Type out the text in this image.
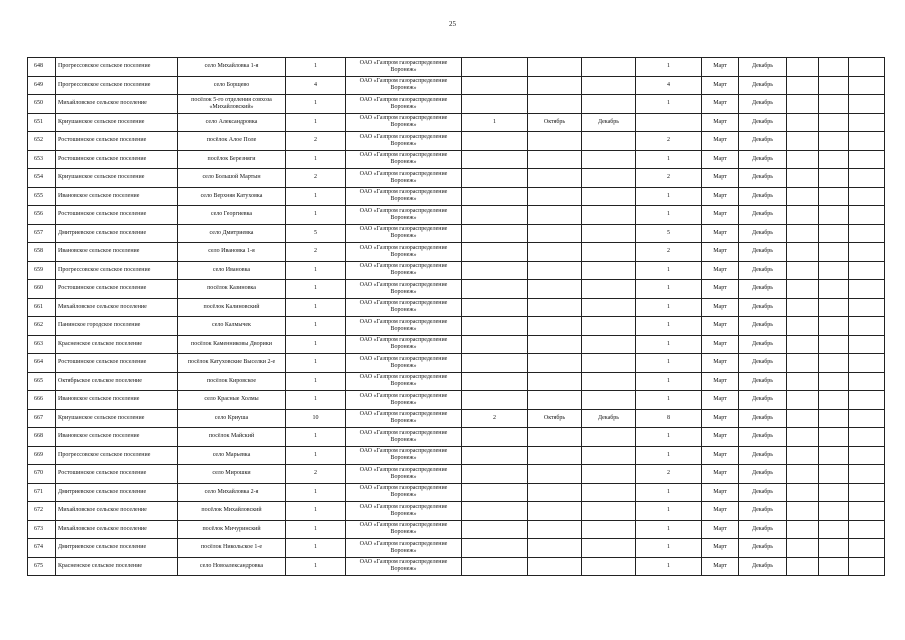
25
648	Прогрессовское сельское поселение	село Михайловка 1-я	1	ОАО «Газпром газораспределение Воронеж»				1	Март	Декабрь			
649	Прогрессовское сельское поселение	село Борщево	4	ОАО «Газпром газораспределение Воронеж»				4	Март	Декабрь			
650	Михайловское сельское поселение	посёлок 5-го отделения совхоза «Михайловский»	1	ОАО «Газпром газораспределение Воронеж»				1	Март	Декабрь			
651	Криушанское сельское поселение	село Александровка	1	ОАО «Газпром газораспределение Воронеж»	1	Октябрь	Декабрь		Март	Декабрь			
652	Ростошинское сельское поселение	посёлок Алое Поле	2	ОАО «Газпром газораспределение Воронеж»				2	Март	Декабрь			
653	Ростошинское сельское поселение	посёлок Березняги	1	ОАО «Газпром газораспределение Воронеж»				1	Март	Декабрь			
654	Криушанское сельское поселение	село Большой Мартын	2	ОАО «Газпром газораспределение Воронеж»				2	Март	Декабрь			
655	Ивановское сельское поселение	село Верхняя Катуховка	1	ОАО «Газпром газораспределение Воронеж»				1	Март	Декабрь			
656	Ростошинское сельское поселение	село Георгиевка	1	ОАО «Газпром газораспределение Воронеж»				1	Март	Декабрь			
657	Дмитриевское сельское поселение	село Дмитриевка	5	ОАО «Газпром газораспределение Воронеж»				5	Март	Декабрь			
658	Ивановское сельское поселение	село Ивановка 1-я	2	ОАО «Газпром газораспределение Воронеж»				2	Март	Декабрь			
659	Прогрессовское сельское поселение	село Ивановка	1	ОАО «Газпром газораспределение Воронеж»				1	Март	Декабрь			
660	Ростошинское сельское поселение	посёлок Казиновка	1	ОАО «Газпром газораспределение Воронеж»				1	Март	Декабрь			
661	Михайловское сельское поселение	посёлок Калиновский	1	ОАО «Газпром газораспределение Воронеж»				1	Март	Декабрь			
662	Панинское городское поселение	село Калмычек	1	ОАО «Газпром газораспределение Воронеж»				1	Март	Декабрь			
663	Красненское сельское поселение	посёлок Каменниковы Дворики	1	ОАО «Газпром газораспределение Воронеж»				1	Март	Декабрь			
664	Ростошинское сельское поселение	посёлок Катуховские Выселки 2-е	1	ОАО «Газпром газораспределение Воронеж»				1	Март	Декабрь			
665	Октябрьское сельское поселение	посёлок Кировское	1	ОАО «Газпром газораспределение Воронеж»				1	Март	Декабрь			
666	Ивановское сельское поселение	село Красные Холмы	1	ОАО «Газпром газораспределение Воронеж»				1	Март	Декабрь			
667	Криушанское сельское поселение	село Криуша	10	ОАО «Газпром газораспределение Воронеж»	2	Октябрь	Декабрь	8	Март	Декабрь			
668	Ивановское сельское поселение	посёлок Майский	1	ОАО «Газпром газораспределение Воронеж»				1	Март	Декабрь			
669	Прогрессовское сельское поселение	село Марьевка	1	ОАО «Газпром газораспределение Воронеж»				1	Март	Декабрь			
670	Ростошинское сельское поселение	село Мирошки	2	ОАО «Газпром газораспределение Воронеж»				2	Март	Декабрь			
671	Дмитриевское сельское поселение	село Михайловка 2-я	1	ОАО «Газпром газораспределение Воронеж»				1	Март	Декабрь			
672	Михайловское сельское поселение	посёлок Михайловский	1	ОАО «Газпром газораспределение Воронеж»				1	Март	Декабрь			
673	Михайловское сельское поселение	посёлок Мичуринский	1	ОАО «Газпром газораспределение Воронеж»				1	Март	Декабрь			
674	Дмитриевское сельское поселение	посёлок Никольское 1-е	1	ОАО «Газпром газораспределение Воронеж»				1	Март	Декабрь			
675	Красненское сельское поселение	село Новоалександровка	1	ОАО «Газпром газораспределение Воронеж»				1	Март	Декабрь			
